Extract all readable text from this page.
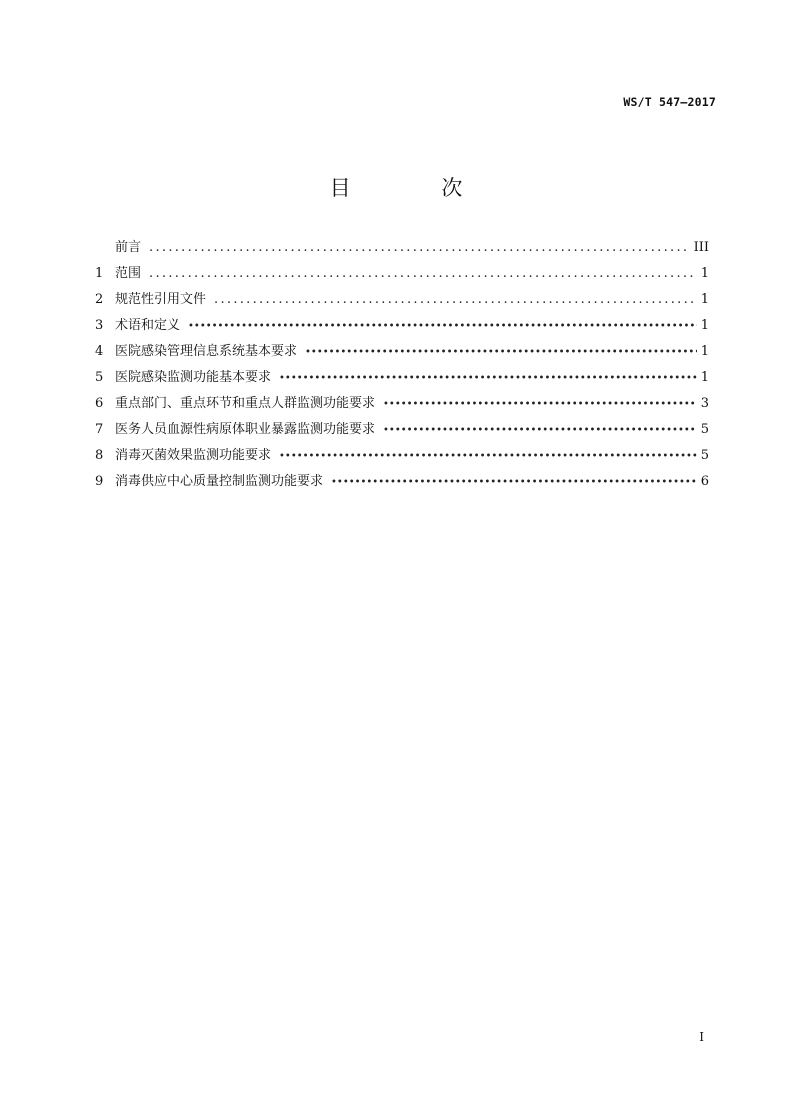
WS/T 547—2017
目 次
前言 .....	III
1 范围 .....	1
2 规范性引用文件 .....	1
3 术语和定义 •••••	1
4 医院感染管理信息系统基本要求 •••••	1
5 医院感染监测功能基本要求 •••••	1
6 重点部门、重点环节和重点人群监测功能要求 •••••	3
7 医务人员血源性病原体职业暴露监测功能要求 •••••	5
8 消毒灭菌效果监测功能要求 •••••	5
9 消毒供应中心质量控制监测功能要求 •••••	6
I
